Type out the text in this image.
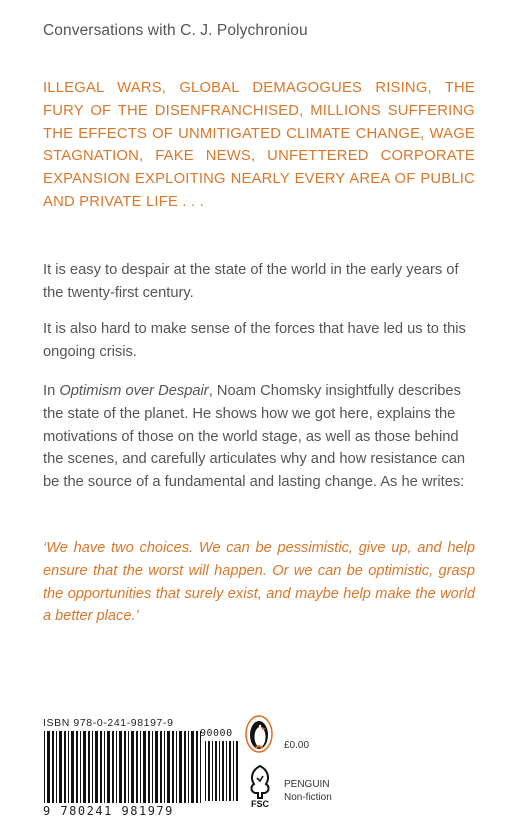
Conversations with C. J. Polychroniou
ILLEGAL WARS, GLOBAL DEMAGOGUES RISING, THE FURY OF THE DISENFRANCHISED, MILLIONS SUFFERING THE EFFECTS OF UNMITIGATED CLIMATE CHANGE, WAGE STAGNATION, FAKE NEWS, UNFETTERED CORPORATE EXPANSION EXPLOITING NEARLY EVERY AREA OF PUBLIC AND PRIVATE LIFE . . .
It is easy to despair at the state of the world in the early years of the twenty-first century.
It is also hard to make sense of the forces that have led us to this ongoing crisis.
In Optimism over Despair, Noam Chomsky insightfully describes the state of the planet. He shows how we got here, explains the motivations of those on the world stage, as well as those behind the scenes, and carefully articulates why and how resistance can be the source of a fundamental and lasting change. As he writes:
‘We have two choices. We can be pessimistic, give up, and help ensure that the worst will happen. Or we can be optimistic, grasp the opportunities that surely exist, and maybe help make the world a better place.’
ISBN 978-0-241-98197-9
90000
9 780241 981979	FSC
£0.00
PENGUIN
Non-fiction
